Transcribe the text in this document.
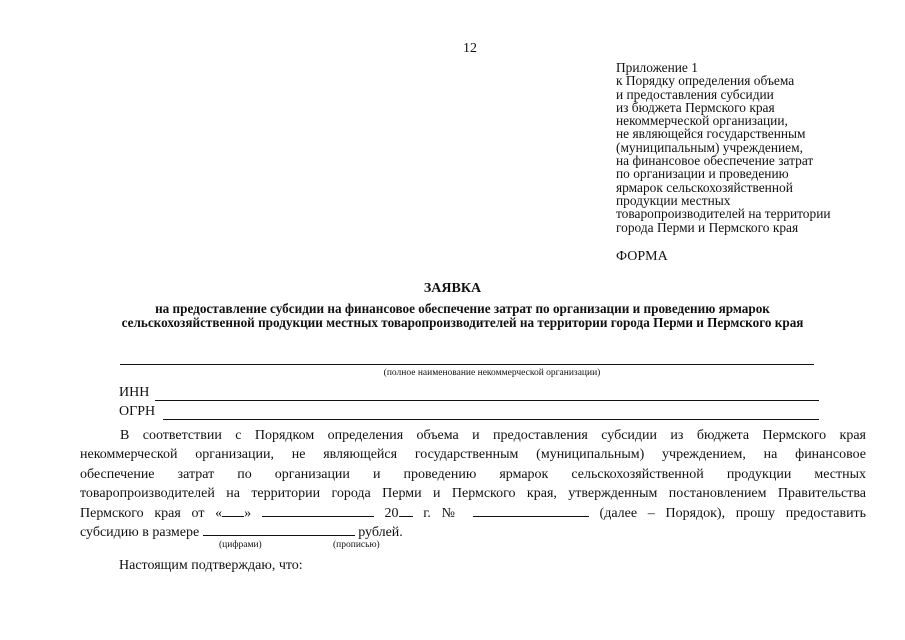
12
Приложение 1
к Порядку определения объема
и предоставления субсидии
из бюджета Пермского края
некоммерческой организации,
не являющейся государственным
(муниципальным) учреждением,
на финансовое обеспечение затрат
по организации и проведению
ярмарок сельскохозяйственной
продукции местных
товаропроизводителей на территории
города Перми и Пермского края
ФОРМА
ЗАЯВКА
на предоставление субсидии на финансовое обеспечение затрат по организации и проведению ярмарок
сельскохозяйственной продукции местных товаропроизводителей на территории города Перми и Пермского края
(полное наименование некоммерческой организации)
ИНН
ОГРН
В соответствии с Порядком определения объема и предоставления субсидии из бюджета Пермского края
некоммерческой организации, не являющейся государственным (муниципальным) учреждением, на финансовое
обеспечение затрат по организации и проведению ярмарок сельскохозяйственной продукции местных
товаропроизводителей на территории города Перми и Пермского края, утвержденным постановлением Правительства
Пермского края от « »	20 г. №	(далее – Порядок), прошу предоставить
субсидию в размере	рублей.
(цифрами)	(прописью)
Настоящим подтверждаю, что:
